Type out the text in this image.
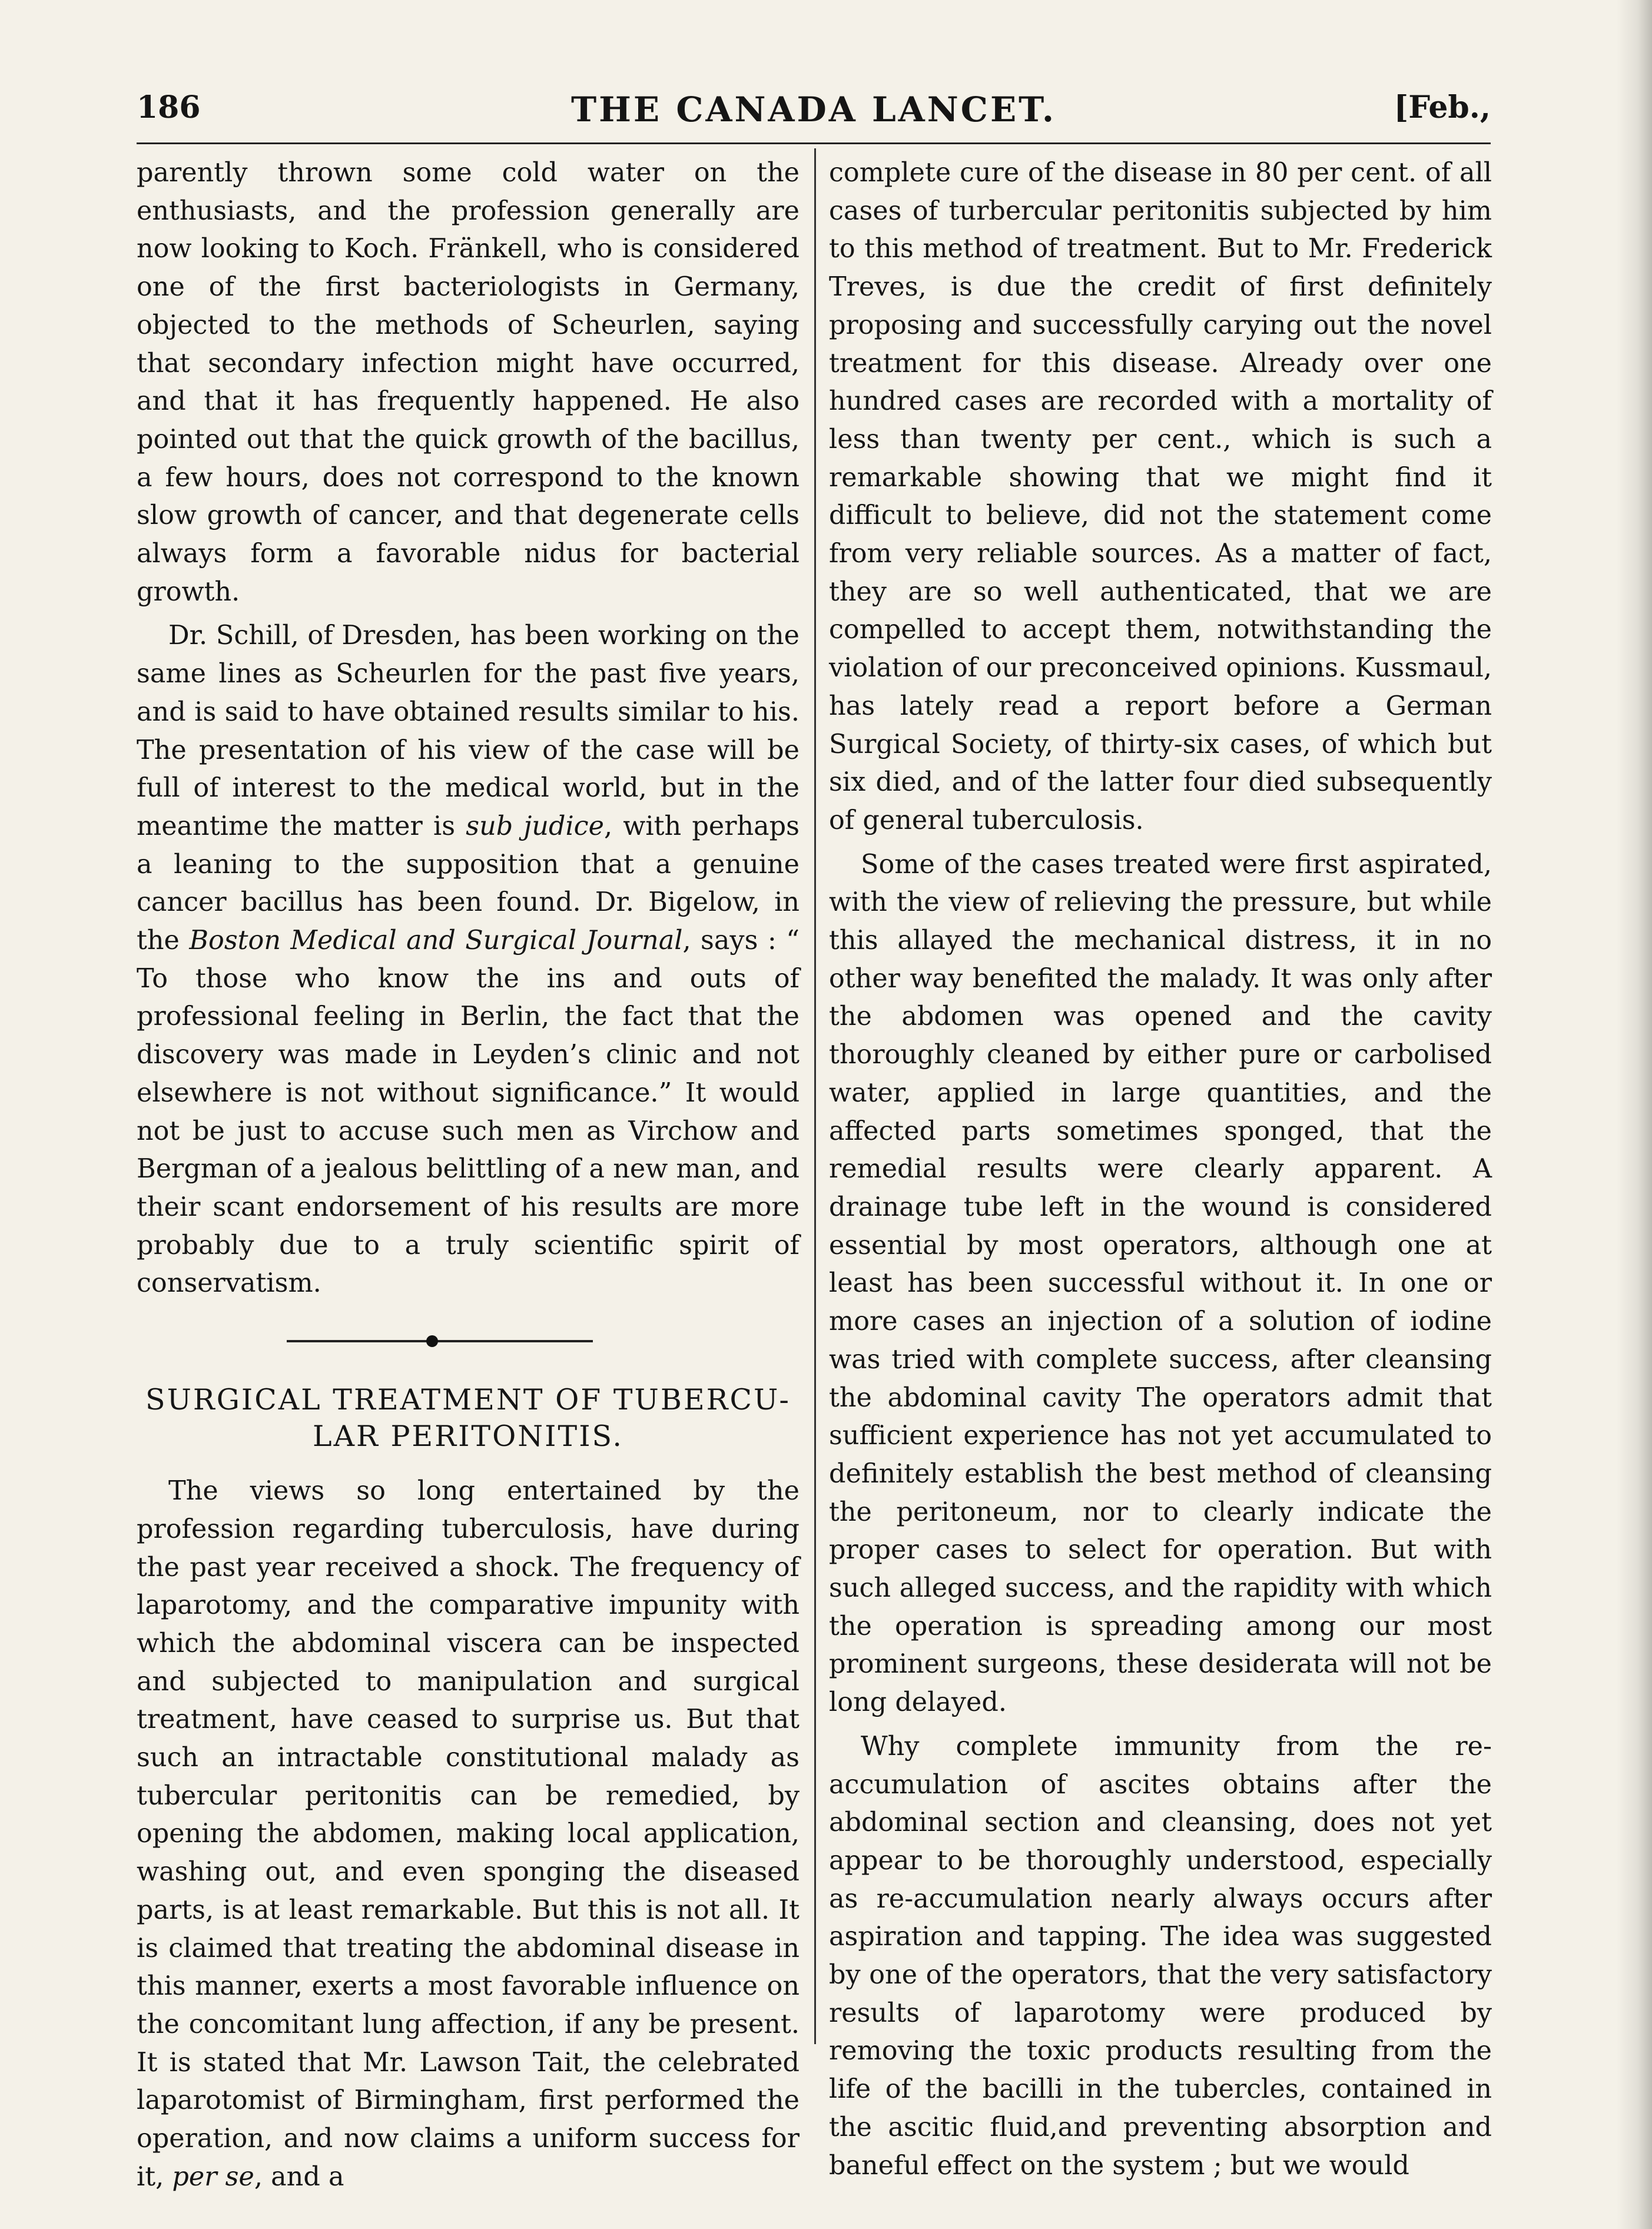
186	THE CANADA LANCET.	[Feb.,

parently thrown some cold water on the enthusiasts, and the profession generally are now looking to Koch. Fränkell, who is considered one of the first bacteriologists in Germany, objected to the methods of Scheurlen, saying that secondary infection might have occurred, and that it has frequently happened. He also pointed out that the quick growth of the bacillus, a few hours, does not correspond to the known slow growth of cancer, and that degenerate cells always form a favorable nidus for bacterial growth.

Dr. Schill, of Dresden, has been working on the same lines as Scheurlen for the past five years, and is said to have obtained results similar to his. The presentation of his view of the case will be full of interest to the medical world, but in the meantime the matter is sub judice, with perhaps a leaning to the supposition that a genuine cancer bacillus has been found. Dr. Bigelow, in the Boston Medical and Surgical Journal, says : “ To those who know the ins and outs of professional feeling in Berlin, the fact that the discovery was made in Leyden’s clinic and not elsewhere is not without significance.” It would not be just to accuse such men as Virchow and Bergman of a jealous belittling of a new man, and their scant endorsement of his results are more probably due to a truly scientific spirit of conservatism.

SURGICAL TREATMENT OF TUBERCU-
LAR PERITONITIS.

The views so long entertained by the profession regarding tuberculosis, have during the past year received a shock. The frequency of laparotomy, and the comparative impunity with which the abdominal viscera can be inspected and subjected to manipulation and surgical treatment, have ceased to surprise us. But that such an intractable constitutional malady as tubercular peritonitis can be remedied, by opening the abdomen, making local application, washing out, and even sponging the diseased parts, is at least remarkable. But this is not all. It is claimed that treating the abdominal disease in this manner, exerts a most favorable influence on the concomitant lung affection, if any be present. It is stated that Mr. Lawson Tait, the celebrated laparotomist of Birmingham, first performed the operation, and now claims a uniform success for it, per se, and a

complete cure of the disease in 80 per cent. of all cases of turbercular peritonitis subjected by him to this method of treatment. But to Mr. Frederick Treves, is due the credit of first definitely proposing and successfully carying out the novel treatment for this disease. Already over one hundred cases are recorded with a mortality of less than twenty per cent., which is such a remarkable showing that we might find it difficult to believe, did not the statement come from very reliable sources. As a matter of fact, they are so well authenticated, that we are compelled to accept them, notwithstanding the violation of our preconceived opinions. Kussmaul, has lately read a report before a German Surgical Society, of thirty-six cases, of which but six died, and of the latter four died subsequently of general tuberculosis.

Some of the cases treated were first aspirated, with the view of relieving the pressure, but while this allayed the mechanical distress, it in no other way benefited the malady. It was only after the abdomen was opened and the cavity thoroughly cleaned by either pure or carbolised water, applied in large quantities, and the affected parts sometimes sponged, that the remedial results were clearly apparent. A drainage tube left in the wound is considered essential by most operators, although one at least has been successful without it. In one or more cases an injection of a solution of iodine was tried with complete success, after cleansing the abdominal cavity The operators admit that sufficient experience has not yet accumulated to definitely establish the best method of cleansing the peritoneum, nor to clearly indicate the proper cases to select for operation. But with such alleged success, and the rapidity with which the operation is spreading among our most prominent surgeons, these desiderata will not be long delayed.

Why complete immunity from the re-accumulation of ascites obtains after the abdominal section and cleansing, does not yet appear to be thoroughly understood, especially as re-accumulation nearly always occurs after aspiration and tapping. The idea was suggested by one of the operators, that the very satisfactory results of laparotomy were produced by removing the toxic products resulting from the life of the bacilli in the tubercles, contained in the ascitic fluid,and preventing absorption and baneful effect on the system ; but we would
